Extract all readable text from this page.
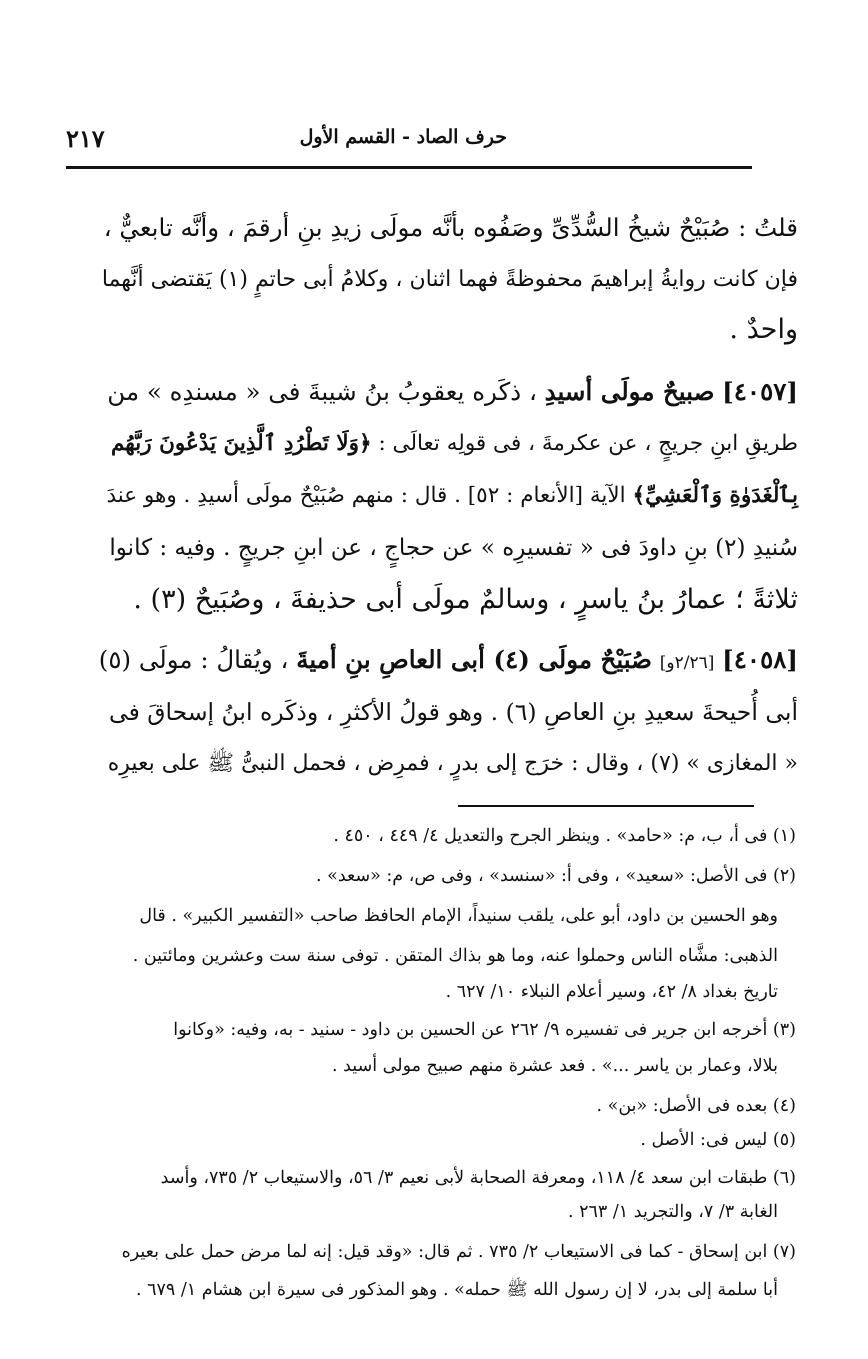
٢١٧	حرف الصاد - القسم الأول
قلتُ : صُبَيْحٌ شيخُ السُّدِّىِّ وصَفُوه بأنَّه مولَى زيدِ بنِ أرقمَ ، وأنَّه تابعيٌّ ،
فإن كانت روايةُ إبراهيمَ محفوظةً فهما اثنان ، وكلامُ أبى حاتمٍ (١) يَقتضى أنَّهما
واحدٌ .
[٤٠٥٧] صبيحٌ مولَى أسيدِ ، ذكَره يعقوبُ بنُ شيبةَ فى « مسندِه » من
طريقِ ابنِ جريجٍ ، عن عكرمةَ ، فى قولِه تعالَى : ﴿وَلَا تَطْرُدِ ٱلَّذِينَ يَدْعُونَ رَبَّهُم
بِٱلْغَدَوٰةِ وَٱلْعَشِيِّ﴾ الآية [الأنعام : ٥٢] . قال : منهم صُبَيْحٌ مولَى أسيدِ . وهو عندَ
سُنيدِ (٢) بنِ داودَ فى « تفسيرِه » عن حجاجٍ ، عن ابنِ جريجٍ . وفيه : كانوا
ثلاثةً ؛ عمارُ بنُ ياسرٍ ، وسالمٌ مولَى أبى حذيفةَ ، وصُبَيحٌ (٣) .
[٤٠٥٨] [٢/٢٦و] صُبَيْحٌ مولَى (٤) أبى العاصِ بنِ أميةَ ، ويُقالُ : مولَى (٥)
أبى أُحيحةَ سعيدِ بنِ العاصِ (٦) . وهو قولُ الأكثرِ ، وذكَره ابنُ إسحاقَ فى
« المغازى » (٧) ، وقال : خرَج إلى بدرٍ ، فمرِض ، فحمل النبىُّ ﷺ على بعيرِه
(١) فى أ، ب، م: «حامد» . وينظر الجرح والتعديل ٤/ ٤٤٩ ، ٤٥٠ .
(٢) فى الأصل: «سعيد» ، وفى أ: «سنسد» ، وفى ص، م: «سعد» .
وهو الحسين بن داود، أبو على، يلقب سنيداً، الإمام الحافظ صاحب «التفسير الكبير» . قال
الذهبى: مشَّاه الناس وحملوا عنه، وما هو بذاك المتقن . توفى سنة ست وعشرين ومائتين .
تاريخ بغداد ٨/ ٤٢، وسير أعلام النبلاء ١٠/ ٦٢٧ .
(٣) أخرجه ابن جرير فى تفسيره ٩/ ٢٦٢ عن الحسين بن داود - سنيد - به، وفيه: «وكانوا
بلالا، وعمار بن ياسر ...» . فعد عشرة منهم صبيح مولى أسيد .
(٤) بعده فى الأصل: «بن» .
(٥) ليس فى: الأصل .
(٦) طبقات ابن سعد ٤/ ١١٨، ومعرفة الصحابة لأبى نعيم ٣/ ٥٦، والاستيعاب ٢/ ٧٣٥، وأسد
الغابة ٣/ ٧، والتجريد ١/ ٢٦٣ .
(٧) ابن إسحاق - كما فى الاستيعاب ٢/ ٧٣٥ . ثم قال: «وقد قيل: إنه لما مرض حمل على بعيره
أبا سلمة إلى بدر، لا إن رسول الله ﷺ حمله» . وهو المذكور فى سيرة ابن هشام ١/ ٦٧٩ .
